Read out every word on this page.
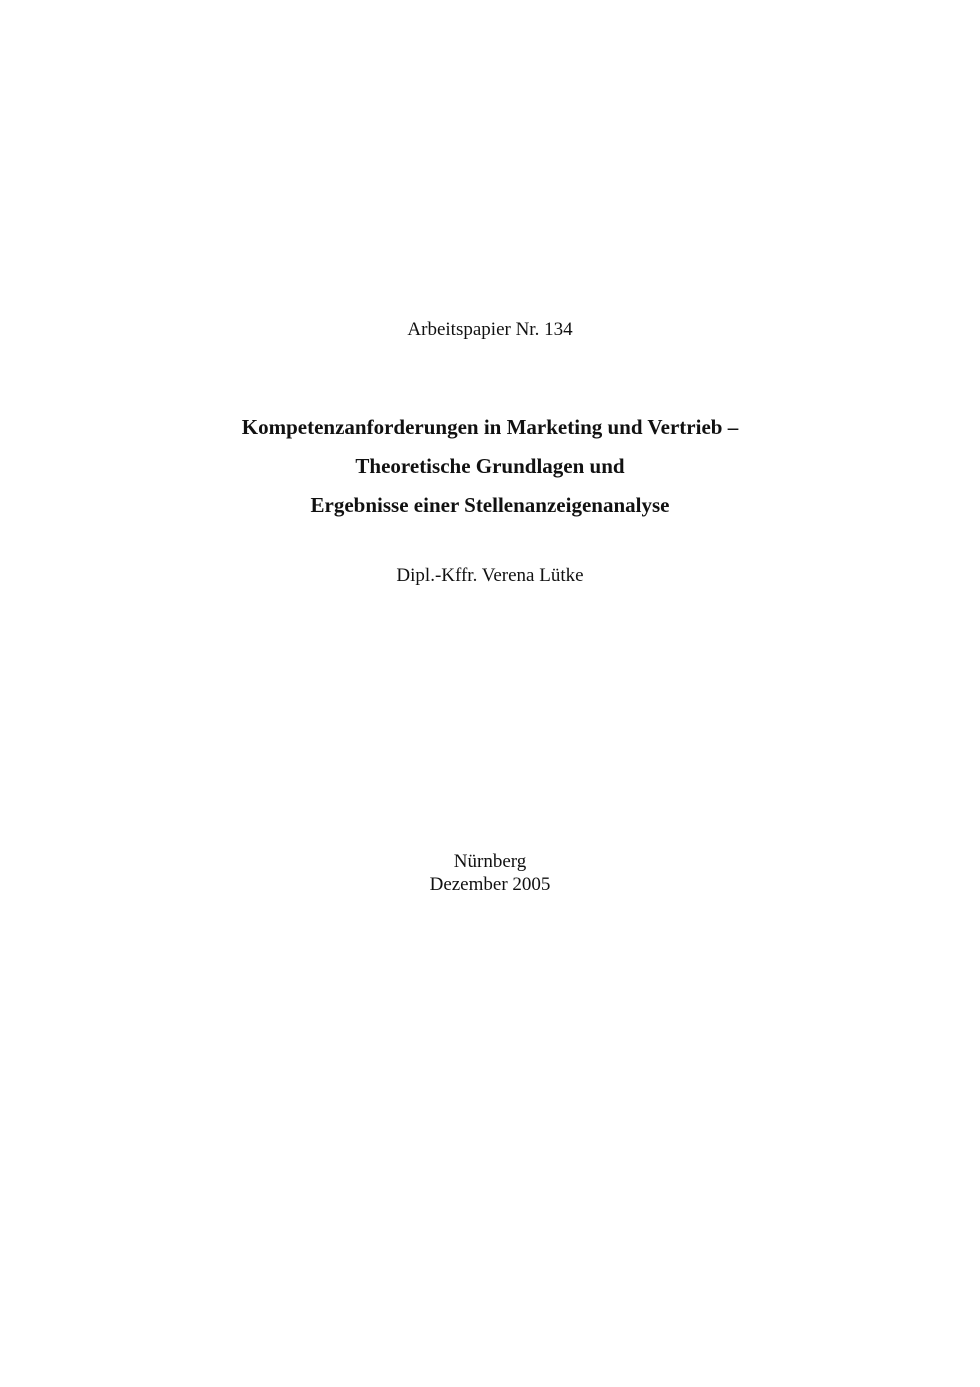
Arbeitspapier Nr. 134

Kompetenzanforderungen in Marketing und Vertrieb –
Theoretische Grundlagen und
Ergebnisse einer Stellenanzeigenanalyse

Dipl.-Kffr. Verena Lütke

Nürnberg
Dezember 2005
